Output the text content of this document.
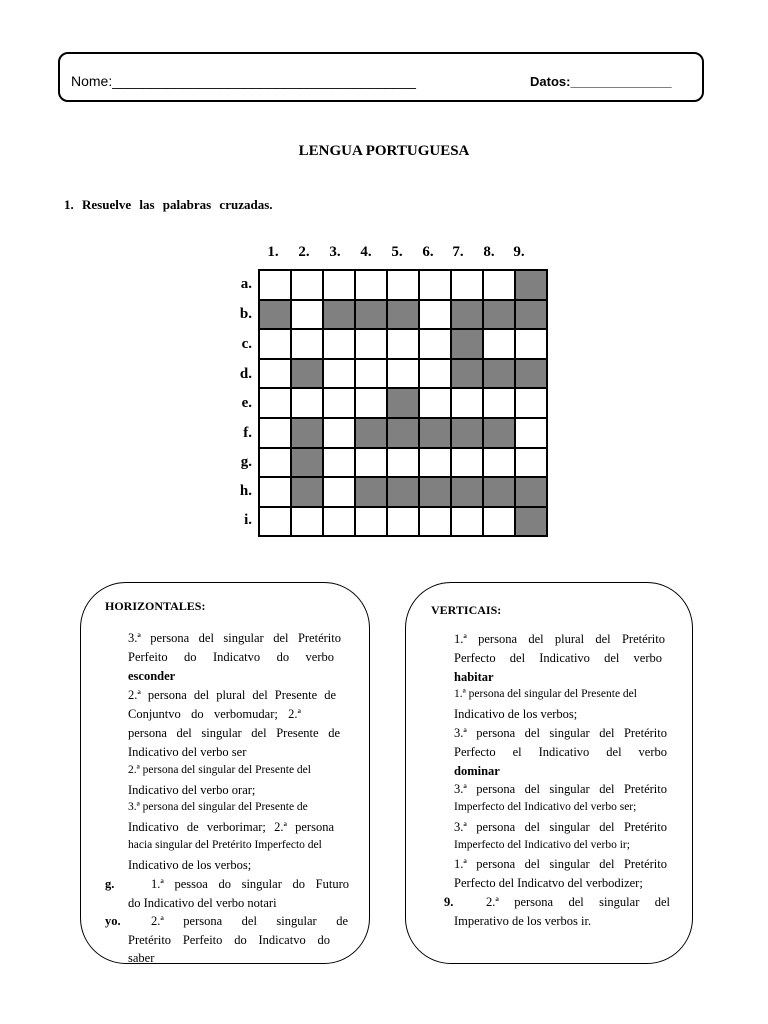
Nome:_______________________________________	Datos:______________
LENGUA PORTUGUESA
1. Resuelve las palabras cruzadas.
1.	2.	3.	4.	5.	6.	7.	8.	9.
a.
b.
c.
d.
e.
f.
g.
h.
i.
HORIZONTALES:
3.ª persona del singular del Pretérito
Perfeito do Indicatvo do verbo
esconder
2.ª persona del plural del Presente de
Conjuntvo do verbomudar; 2.ª
persona del singular del Presente de
Indicativo del verbo ser
2.ª persona del singular del Presente del
Indicativo del verbo orar;
3.ª persona del singular del Presente de
Indicativo de verborimar; 2.ª persona
hacia singular del Pretérito Imperfecto del
Indicativo de los verbos;
g.	1.ª pessoa do singular do Futuro
do Indicativo del verbo notari
yo. 2.ª persona del singular de
Pretérito Perfeito do Indicatvo do
saber
VERTICAIS:
1.ª persona del plural del Pretérito
Perfecto del Indicativo del verbo
habitar
1.ª persona del singular del Presente del
Indicativo de los verbos;
3.ª persona del singular del Pretérito
Perfecto el Indicativo del verbo
dominar
3.ª persona del singular del Pretérito
Imperfecto del Indicativo del verbo ser;
3.ª persona del singular del Pretérito
Imperfecto del Indicativo del verbo ir;
1.ª persona del singular del Pretérito
Perfecto del Indicatvo del verbodizer;
9.	2.ª persona del singular del
Imperativo de los verbos ir.
